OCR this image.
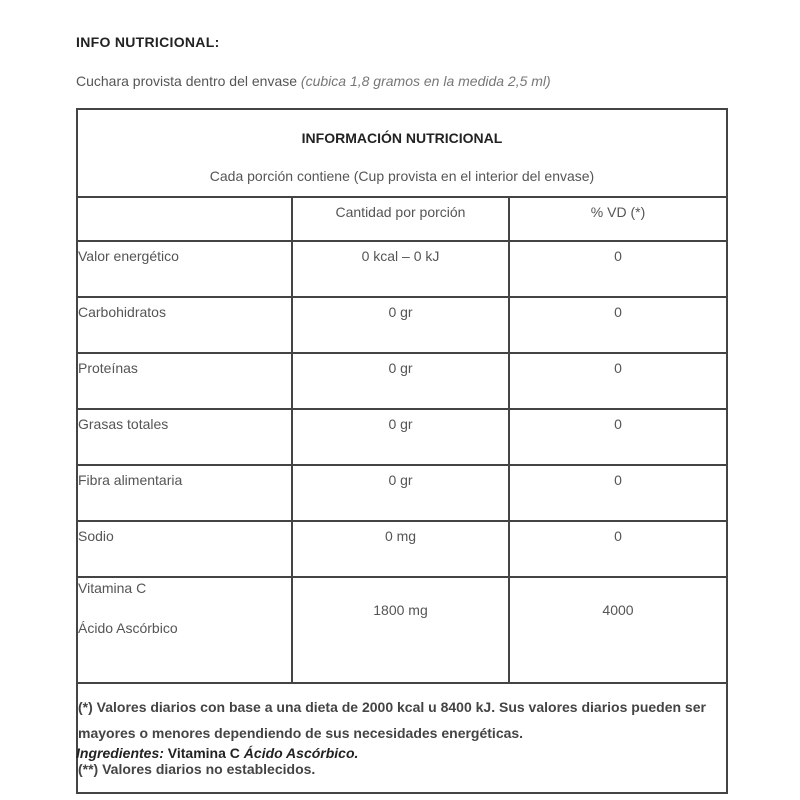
INFO NUTRICIONAL:
Cuchara provista dentro del envase (cubica 1,8 gramos en la medida 2,5 ml)
INFORMACIÓN NUTRICIONAL
Cada porción contiene (Cup provista en el interior del envase)		

	Cantidad por porción	% VD (*)
Valor energético	0 kcal – 0 kJ	0
Carbohidratos	0 gr	0
Proteínas	0 gr	0
Grasas totales	0 gr	0
Fibra alimentaria	0 gr	0
Sodio	0 mg	0

Vitamina C
Ácido Ascórbico	1800 mg	4000

(*) Valores diarios con base a una dieta de 2000 kcal u 8400 kJ. Sus valores diarios pueden ser mayores o menores dependiendo de sus necesidades energéticas.
(**) Valores diarios no establecidos.		
Ingredientes: Vitamina C Ácido Ascórbico.
